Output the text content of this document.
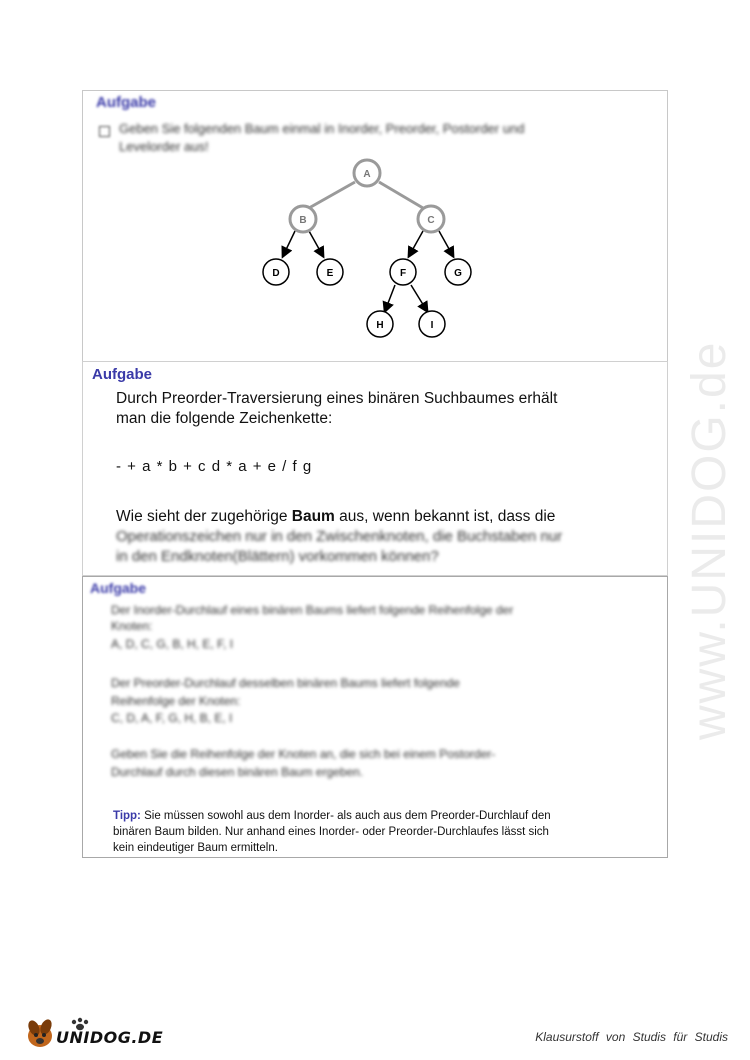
Aufgabe
Geben Sie folgenden Baum einmal in Inorder, Preorder, Postorder und
Levelorder aus!
A
B	C
D	E	F	G
H	I
Aufgabe
Durch Preorder-Traversierung eines binären Suchbaumes erhält
man die folgende Zeichenkette:
- + a * b + c d * a + e / f g
Wie sieht der zugehörige Baum aus, wenn bekannt ist, dass die
Operationszeichen nur in den Zwischenknoten, die Buchstaben nur
in den Endknoten(Blättern) vorkommen können?
Aufgabe
Der Inorder-Durchlauf eines binären Baums liefert folgende Reihenfolge der
Knoten:
A, D, C, G, B, H, E, F, I
Der Preorder-Durchlauf desselben binären Baums liefert folgende
Reihenfolge der Knoten:
C, D, A, F, G, H, B, E, I
Geben Sie die Reihenfolge der Knoten an, die sich bei einem Postorder-
Durchlauf durch diesen binären Baum ergeben.
Tipp: Sie müssen sowohl aus dem Inorder- als auch aus dem Preorder-Durchlauf den
binären Baum bilden. Nur anhand eines Inorder- oder Preorder-Durchlaufes lässt sich
kein eindeutiger Baum ermitteln.
www.UNIDOG.de
UNIDOG.DE	Klausurstoff von Studis für Studis
